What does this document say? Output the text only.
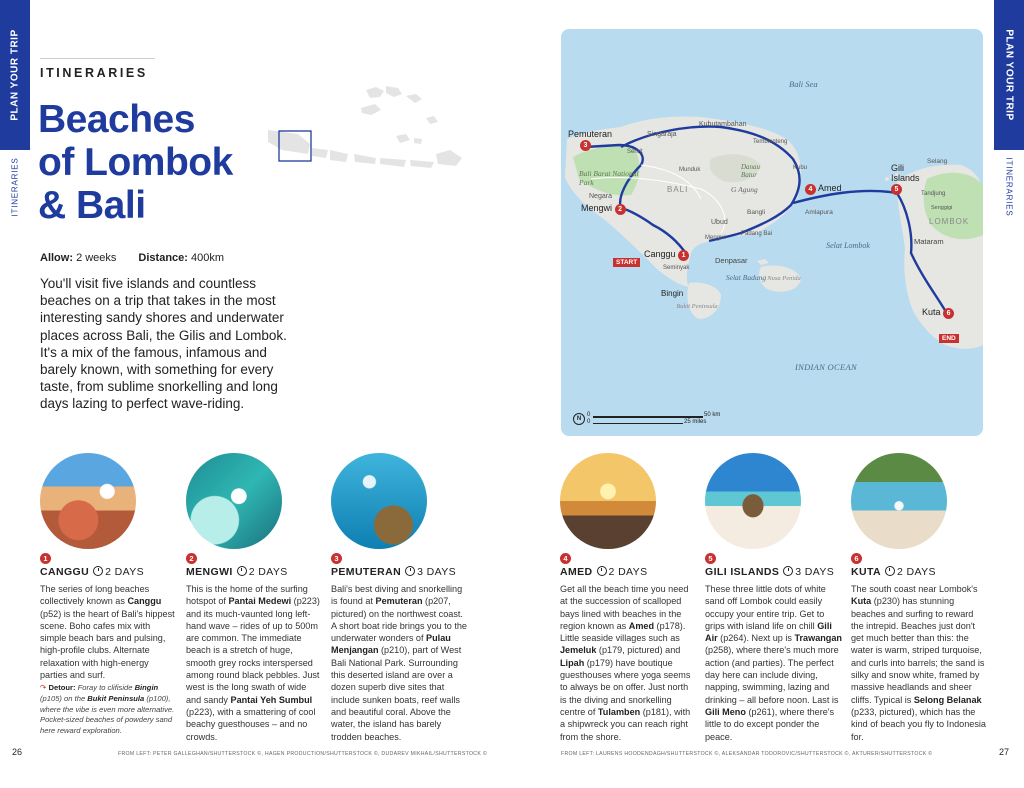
PLAN YOUR TRIP
ITINERARIES
PLAN YOUR TRIP
ITINERARIES
ITINERARIES
Beaches
of Lombok
& Bali
Allow: 2 weeks Distance: 400km
You'll visit five islands and countless beaches on a trip that takes in the most interesting sandy shores and underwater places across Bali, the Gilis and Lombok. It's a mix of the famous, infamous and barely known, with something for every taste, from sublime snorkelling and long days lazing to perfect wave-riding.
Bali Sea
INDIAN OCEAN
Selat Lombok
Selat Badung
BALI
LOMBOK
Bali Barat National Park
Danau Batur
G Agung
Bukit Peninsula
Nusa Penida
Singaraja
Kubutambahan
Seririt
Munduk
Tembienteng
Kubu
Negara
Amlapura
Padang Bai
Bangli
Ubud
Mengwi
Denpasar
Seminyak
Mataram
Senggigi
Selang
Tandjung
Canggu 1
Mengwi 2
Pemuteran
3
4 Amed
Gili Islands
5
Kuta 6
Bingin
START
END
N
0
0
50 km
25 miles
1
CANGGU 2 DAYS
The series of long beaches collectively known as Canggu (p52) is the heart of Bali's hippest scene. Boho cafes mix with simple beach bars and pulsing, high-profile clubs. Alternate relaxation with high-energy parties and surf.
↷ Detour: Foray to clifiside Bingin (p105) on the Bukit Peninsula (p100), where the vibe is even more alternative. Pocket-sized beaches of powdery sand here reward exploration.
2
MENGWI 2 DAYS
This is the home of the surfing hotspot of Pantai Medewi (p223) and its much-vaunted long left-hand wave – rides of up to 500m are common. The immediate beach is a stretch of huge, smooth grey rocks interspersed among round black pebbles. Just west is the long swath of wide and sandy Pantai Yeh Sumbul (p223), with a smattering of cool beachy guesthouses – and no crowds.
3
PEMUTERAN 3 DAYS
Bali's best diving and snorkelling is found at Pemuteran (p207, pictured) on the northwest coast. A short boat ride brings you to the underwater wonders of Pulau Menjangan (p210), part of West Bali National Park. Surrounding this deserted island are over a dozen superb dive sites that include sunken boats, reef walls and beautiful coral. Above the water, the island has barely trodden beaches.
4
AMED 2 DAYS
Get all the beach time you need at the succession of scalloped bays lined with beaches in the region known as Amed (p178). Little seaside villages such as Jemeluk (p179, pictured) and Lipah (p179) have boutique guesthouses where yoga seems to always be on offer. Just north is the diving and snorkelling centre of Tulamben (p181), with a shipwreck you can reach right from the shore.
5
GILI ISLANDS 3 DAYS
These three little dots of white sand off Lombok could easily occupy your entire trip. Get to grips with island life on chill Gili Air (p264). Next up is Trawangan (p258), where there's much more action (and parties). The perfect day here can include diving, napping, swimming, lazing and drinking – all before noon. Last is Gili Meno (p261), where there's little to do except ponder the peace.
6
KUTA 2 DAYS
The south coast near Lombok's Kuta (p230) has stunning beaches and surfing to reward the intrepid. Beaches just don't get much better than this: the water is warm, striped turquoise, and curls into barrels; the sand is silky and snow white, framed by massive headlands and sheer cliffs. Typical is Selong Belanak (p233, pictured), which has the kind of beach you fly to Indonesia for.
26	27
FROM LEFT: PETER GALLEGHAN/SHUTTERSTOCK ©, HAGEN PRODUCTION/SHUTTERSTOCK ©, DUDAREV MIKHAIL/SHUTTERSTOCK ©	FROM LEFT: LAURENS HOODENDAGH/SHUTTERSTOCK ©, ALEKSANDAR TODOROVIC/SHUTTERSTOCK ©, AKTURER/SHUTTERSTOCK ©
